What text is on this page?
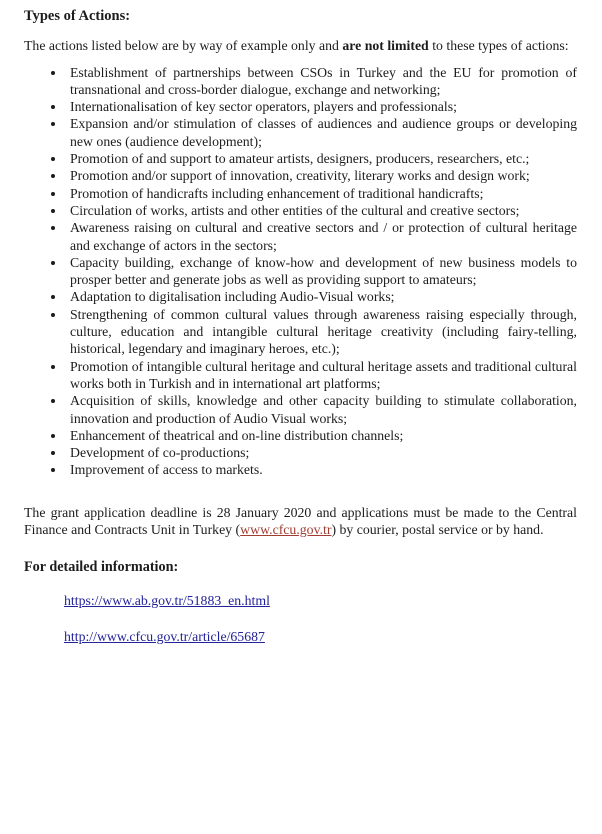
Types of Actions:

The actions listed below are by way of example only and are not limited to these types of actions:

• Establishment of partnerships between CSOs in Turkey and the EU for promotion of transnational and cross-border dialogue, exchange and networking;
• Internationalisation of key sector operators, players and professionals;
• Expansion and/or stimulation of classes of audiences and audience groups or developing new ones (audience development);
• Promotion of and support to amateur artists, designers, producers, researchers, etc.;
• Promotion and/or support of innovation, creativity, literary works and design work;
• Promotion of handicrafts including enhancement of traditional handicrafts;
• Circulation of works, artists and other entities of the cultural and creative sectors;
• Awareness raising on cultural and creative sectors and / or protection of cultural heritage and exchange of actors in the sectors;
• Capacity building, exchange of know-how and development of new business models to prosper better and generate jobs as well as providing support to amateurs;
• Adaptation to digitalisation including Audio-Visual works;
• Strengthening of common cultural values through awareness raising especially through, culture, education and intangible cultural heritage creativity (including fairy-telling, historical, legendary and imaginary heroes, etc.);
• Promotion of intangible cultural heritage and cultural heritage assets and traditional cultural works both in Turkish and in international art platforms;
• Acquisition of skills, knowledge and other capacity building to stimulate collaboration, innovation and production of Audio Visual works;
• Enhancement of theatrical and on-line distribution channels;
• Development of co-productions;
• Improvement of access to markets.

The grant application deadline is 28 January 2020 and applications must be made to the Central Finance and Contracts Unit in Turkey (www.cfcu.gov.tr) by courier, postal service or by hand.

For detailed information:
https://www.ab.gov.tr/51883_en.html
http://www.cfcu.gov.tr/article/65687
